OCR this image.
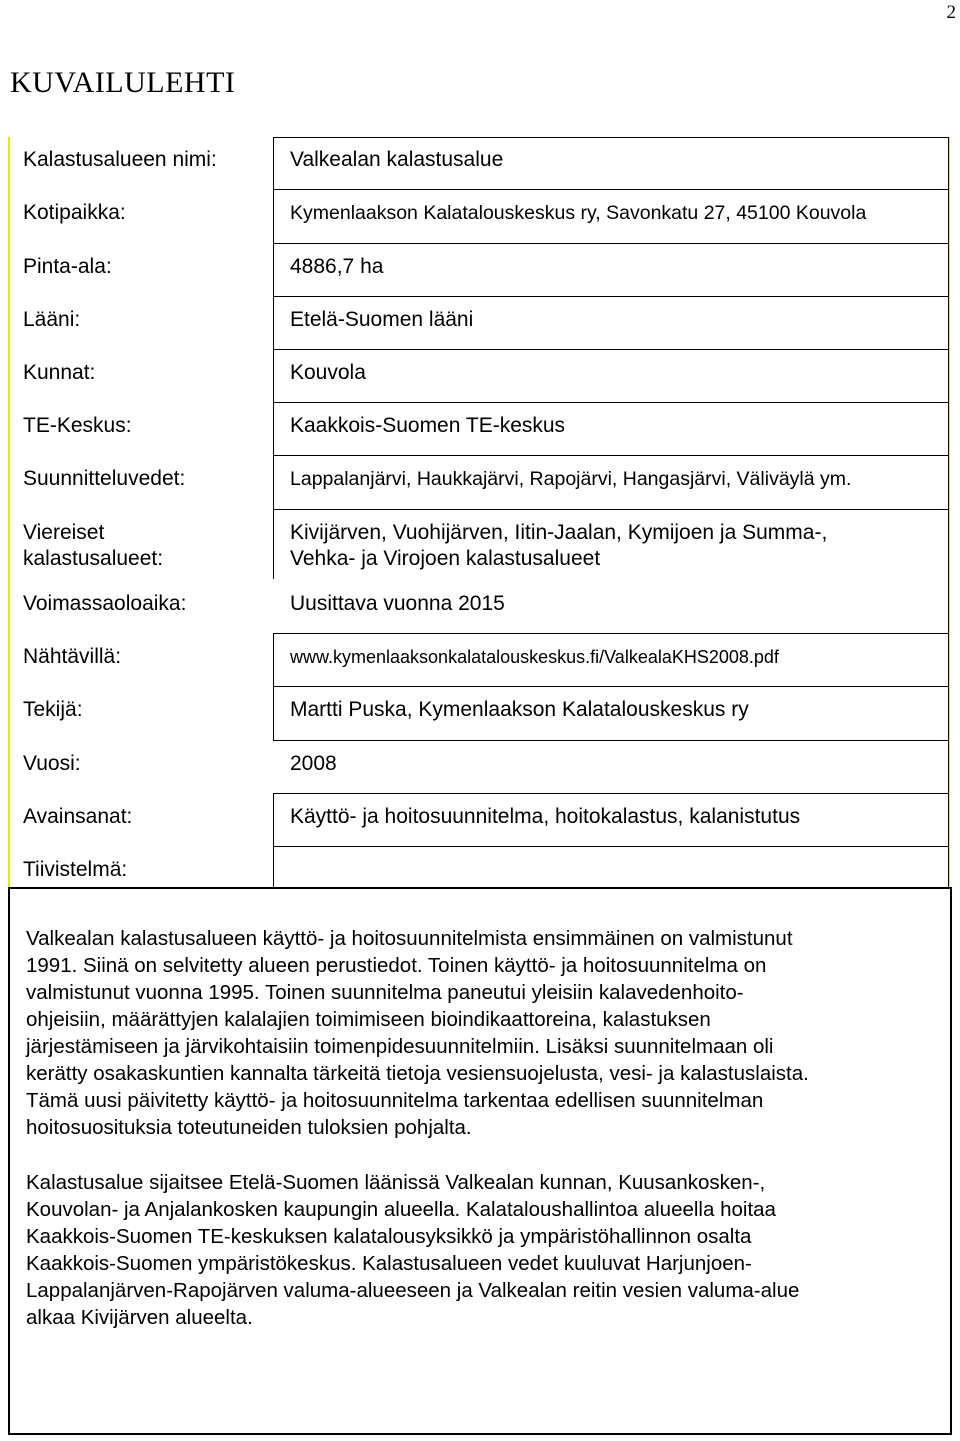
2
KUVAILULEHTI
Kalastusalueen nimi:
Kotipaikka:
Pinta-ala:
Lääni:
Kunnat:
TE-Keskus:
Suunnitteluvedet:
Viereiset
kalastusalueet:
Voimassaoloaika:
Nähtävillä:
Tekijä:
Vuosi:
Avainsanat:
Tiivistelmä:
Valkealan kalastusalue
Kymenlaakson Kalatalouskeskus ry, Savonkatu 27, 45100 Kouvola
4886,7 ha
Etelä-Suomen lääni
Kouvola
Kaakkois-Suomen TE-keskus
Lappalanjärvi, Haukkajärvi, Rapojärvi, Hangasjärvi, Väliväylä ym.
Kivijärven, Vuohijärven, Iitin-Jaalan, Kymijoen ja Summa-,
Vehka- ja Virojoen kalastusalueet
Uusittava vuonna 2015
www.kymenlaaksonkalatalouskeskus.fi/ValkealaKHS2008.pdf
Martti Puska, Kymenlaakson Kalatalouskeskus ry
2008
Käyttö- ja hoitosuunnitelma, hoitokalastus, kalanistutus

Valkealan kalastusalueen käyttö- ja hoitosuunnitelmista ensimmäinen on valmistunut
1991. Siinä on selvitetty alueen perustiedot. Toinen käyttö- ja hoitosuunnitelma on
valmistunut vuonna 1995. Toinen suunnitelma paneutui yleisiin kalavedenhoito-
ohjeisiin, määrättyjen kalalajien toimimiseen bioindikaattoreina, kalastuksen
järjestämiseen ja järvikohtaisiin toimenpidesuunnitelmiin. Lisäksi suunnitelmaan oli
kerätty osakaskuntien kannalta tärkeitä tietoja vesiensuojelusta, vesi- ja kalastuslaista.
Tämä uusi päivitetty käyttö- ja hoitosuunnitelma tarkentaa edellisen suunnitelman
hoitosuosituksia toteutuneiden tuloksien pohjalta.

Kalastusalue sijaitsee Etelä-Suomen läänissä Valkealan kunnan, Kuusankosken-,
Kouvolan- ja Anjalankosken kaupungin alueella. Kalataloushallintoa alueella hoitaa
Kaakkois-Suomen TE-keskuksen kalatalousyksikkö ja ympäristöhallinnon osalta
Kaakkois-Suomen ympäristökeskus. Kalastusalueen vedet kuuluvat Harjunjoen-
Lappalanjärven-Rapojärven valuma-alueeseen ja Valkealan reitin vesien valuma-alue
alkaa Kivijärven alueelta.
